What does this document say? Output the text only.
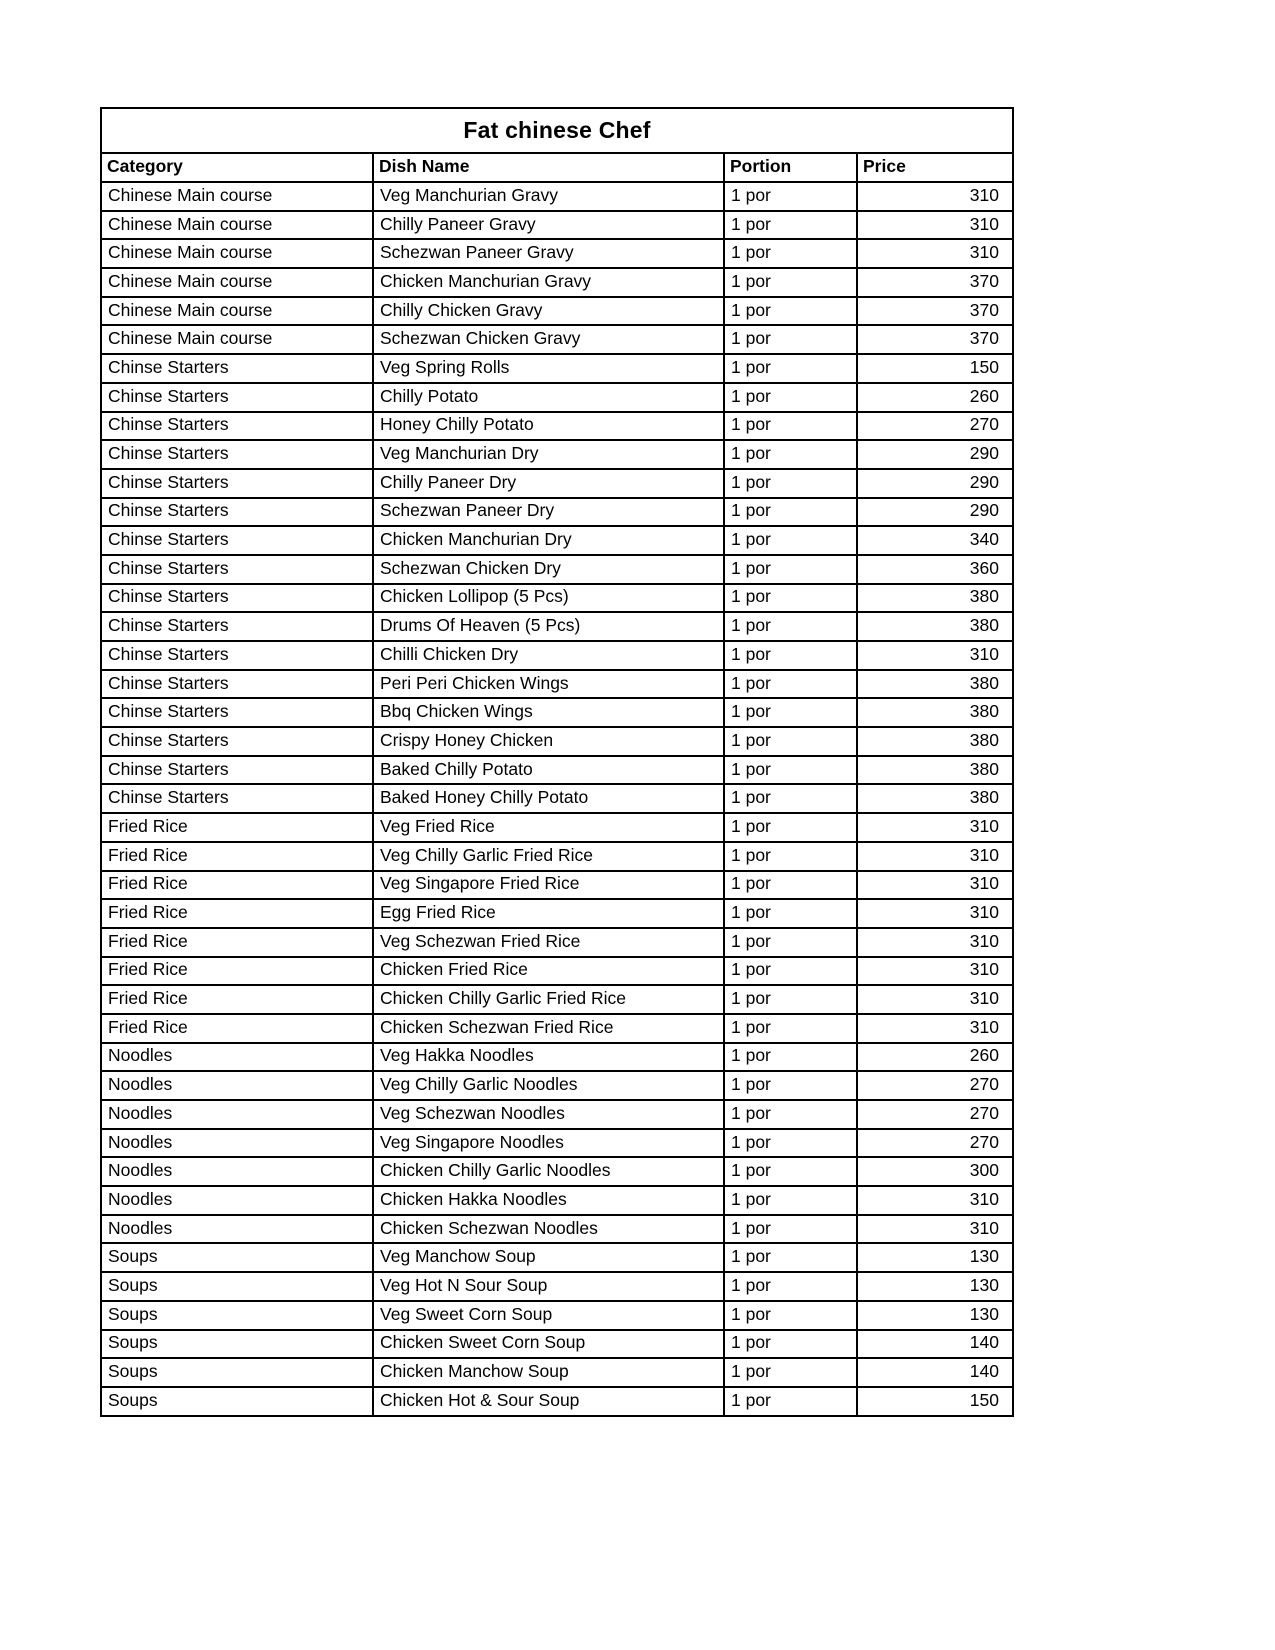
Fat chinese Chef			
Category	Dish Name	Portion	Price
Chinese Main course	Veg Manchurian Gravy	1 por	310
Chinese Main course	Chilly Paneer Gravy	1 por	310
Chinese Main course	Schezwan Paneer Gravy	1 por	310
Chinese Main course	Chicken Manchurian Gravy	1 por	370
Chinese Main course	Chilly Chicken Gravy	1 por	370
Chinese Main course	Schezwan Chicken Gravy	1 por	370
Chinse Starters	Veg Spring Rolls	1 por	150
Chinse Starters	Chilly Potato	1 por	260
Chinse Starters	Honey Chilly Potato	1 por	270
Chinse Starters	Veg Manchurian Dry	1 por	290
Chinse Starters	Chilly Paneer Dry	1 por	290
Chinse Starters	Schezwan Paneer Dry	1 por	290
Chinse Starters	Chicken Manchurian Dry	1 por	340
Chinse Starters	Schezwan Chicken Dry	1 por	360
Chinse Starters	Chicken Lollipop (5 Pcs)	1 por	380
Chinse Starters	Drums Of Heaven (5 Pcs)	1 por	380
Chinse Starters	Chilli Chicken Dry	1 por	310
Chinse Starters	Peri Peri Chicken Wings	1 por	380
Chinse Starters	Bbq Chicken Wings	1 por	380
Chinse Starters	Crispy Honey Chicken	1 por	380
Chinse Starters	Baked Chilly Potato	1 por	380
Chinse Starters	Baked Honey Chilly Potato	1 por	380
Fried Rice	Veg Fried Rice	1 por	310
Fried Rice	Veg Chilly Garlic Fried Rice	1 por	310
Fried Rice	Veg Singapore Fried Rice	1 por	310
Fried Rice	Egg Fried Rice	1 por	310
Fried Rice	Veg Schezwan Fried Rice	1 por	310
Fried Rice	Chicken Fried Rice	1 por	310
Fried Rice	Chicken Chilly Garlic Fried Rice	1 por	310
Fried Rice	Chicken Schezwan Fried Rice	1 por	310
Noodles	Veg Hakka Noodles	1 por	260
Noodles	Veg Chilly Garlic Noodles	1 por	270
Noodles	Veg Schezwan Noodles	1 por	270
Noodles	Veg Singapore Noodles	1 por	270
Noodles	Chicken Chilly Garlic Noodles	1 por	300
Noodles	Chicken Hakka Noodles	1 por	310
Noodles	Chicken Schezwan Noodles	1 por	310
Soups	Veg Manchow Soup	1 por	130
Soups	Veg Hot N Sour Soup	1 por	130
Soups	Veg Sweet Corn Soup	1 por	130
Soups	Chicken Sweet Corn Soup	1 por	140
Soups	Chicken Manchow Soup	1 por	140
Soups	Chicken Hot & Sour Soup	1 por	150
